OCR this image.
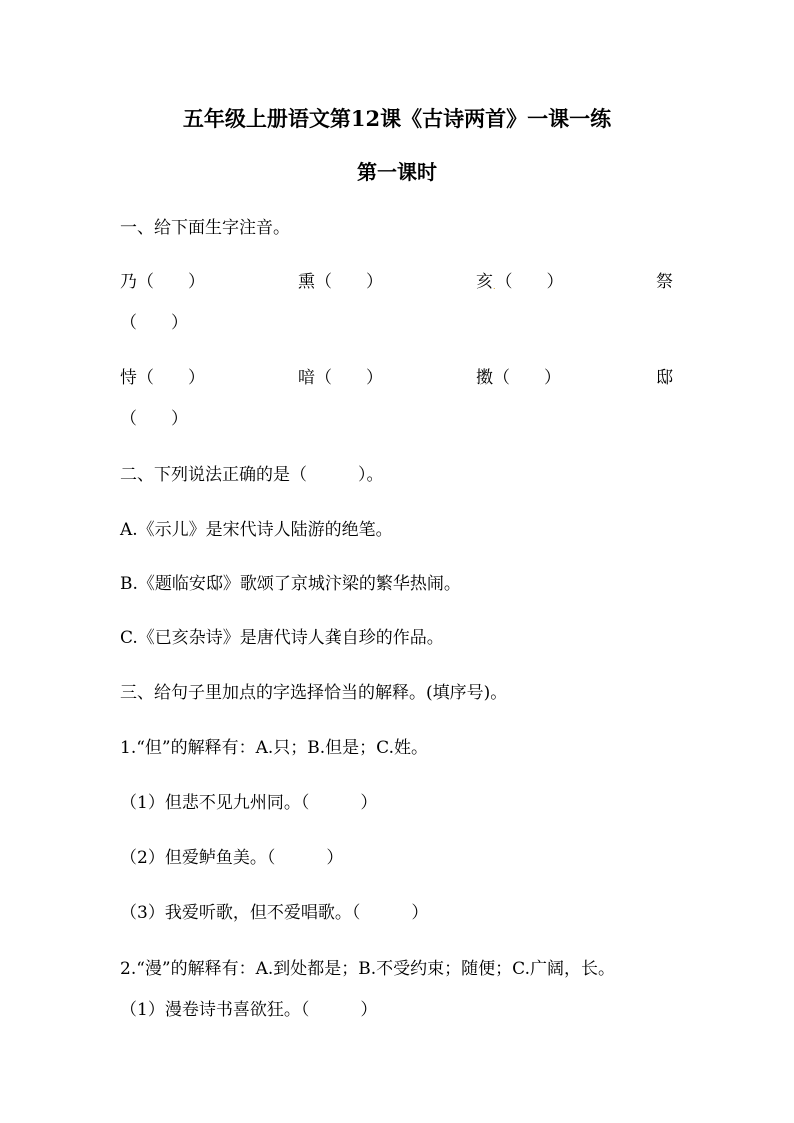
五年级上册语文第12课《古诗两首》一课一练
第一课时
一、给下面生字注音。
乃（　　）	熏（　　）	亥.（　　）	祭
（　　）
恃（　　）	喑（　　）	擞（　　）	邸
（　　）
二、下列说法正确的是（　　　）。
A.《示儿》是宋代诗人陆游的绝笔。
B.《题临安邸》歌颂了京城汴梁的繁华热闹。
C.《已亥杂诗》是唐代诗人龚自珍的作品。
三、给句子里加点的字选择恰当的解释。(填序号)。
1.“但”的解释有：A.只；B.但是；C.姓。
（1）但悲不见九州同。（　　　）
（2）但爱鲈鱼美。（　　　）
（3）我爱听歌，但不爱唱歌。（　　　）
2.“漫”的解释有：A.到处都是；B.不受约束；随便；C.广阔，长。
（1）漫卷诗书喜欲狂。（　　　）
